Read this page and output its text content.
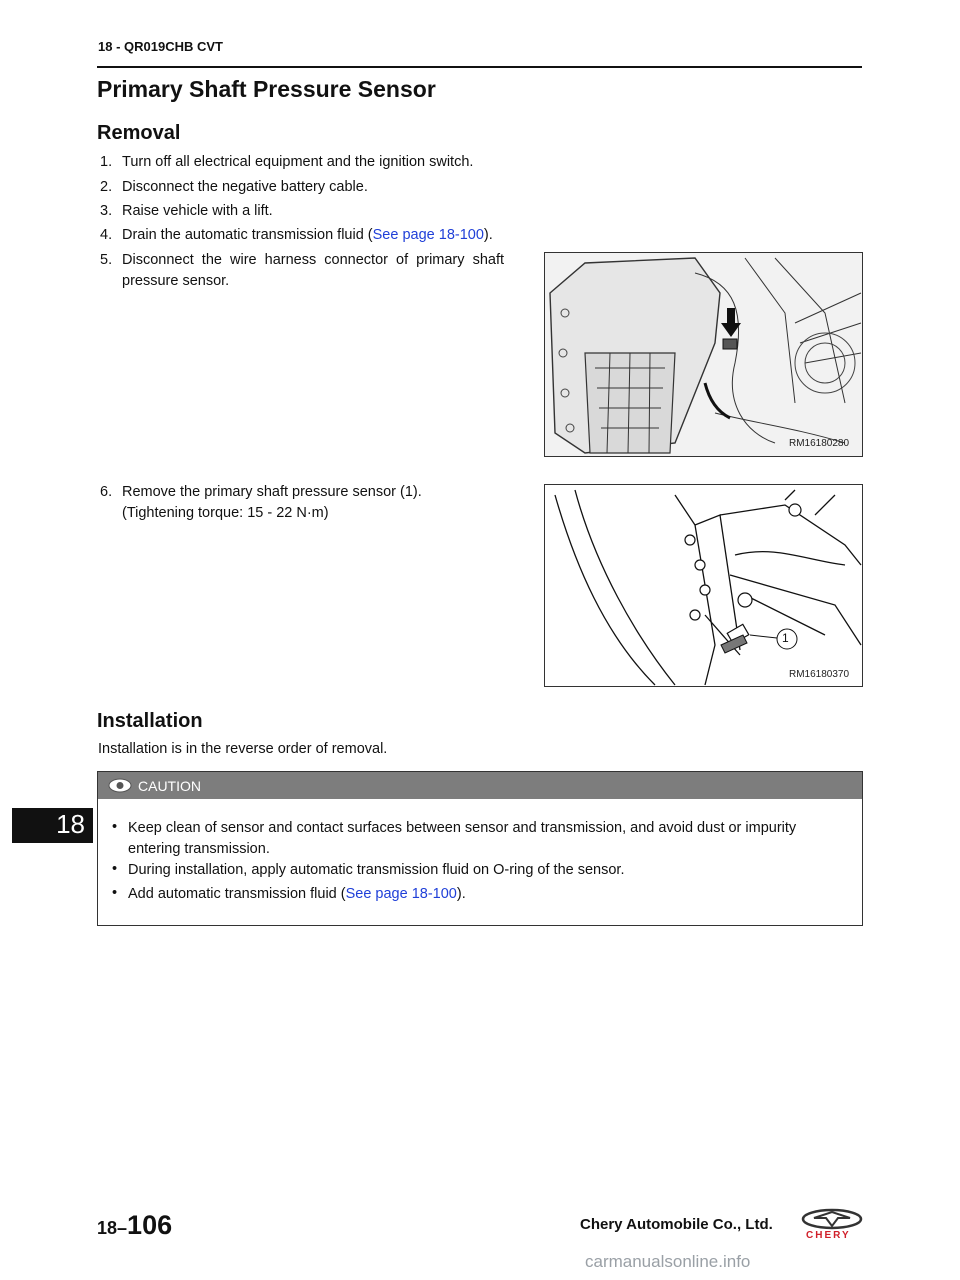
18 - QR019CHB CVT
Primary Shaft Pressure Sensor
Removal
1. Turn off all electrical equipment and the ignition switch.
2. Disconnect the negative battery cable.
3. Raise vehicle with a lift.
4. Drain the automatic transmission fluid (See page 18-100).
5. Disconnect  the  wire  harness  connector  of  primary  shaft
pressure sensor.
RM16180280
6. Remove the primary shaft pressure sensor (1).
(Tightening torque: 15 - 22 N·m)
1
RM16180370
Installation
Installation is in the reverse order of removal.
CAUTION
• Keep clean of sensor and contact surfaces between sensor and transmission, and avoid dust or impurity
entering transmission.
• During installation, apply automatic transmission fluid on O-ring of the sensor.
• Add automatic transmission fluid (See page 18-100).
18
18–106	Chery Automobile Co., Ltd.
CHERY
carmanualsonline.info
